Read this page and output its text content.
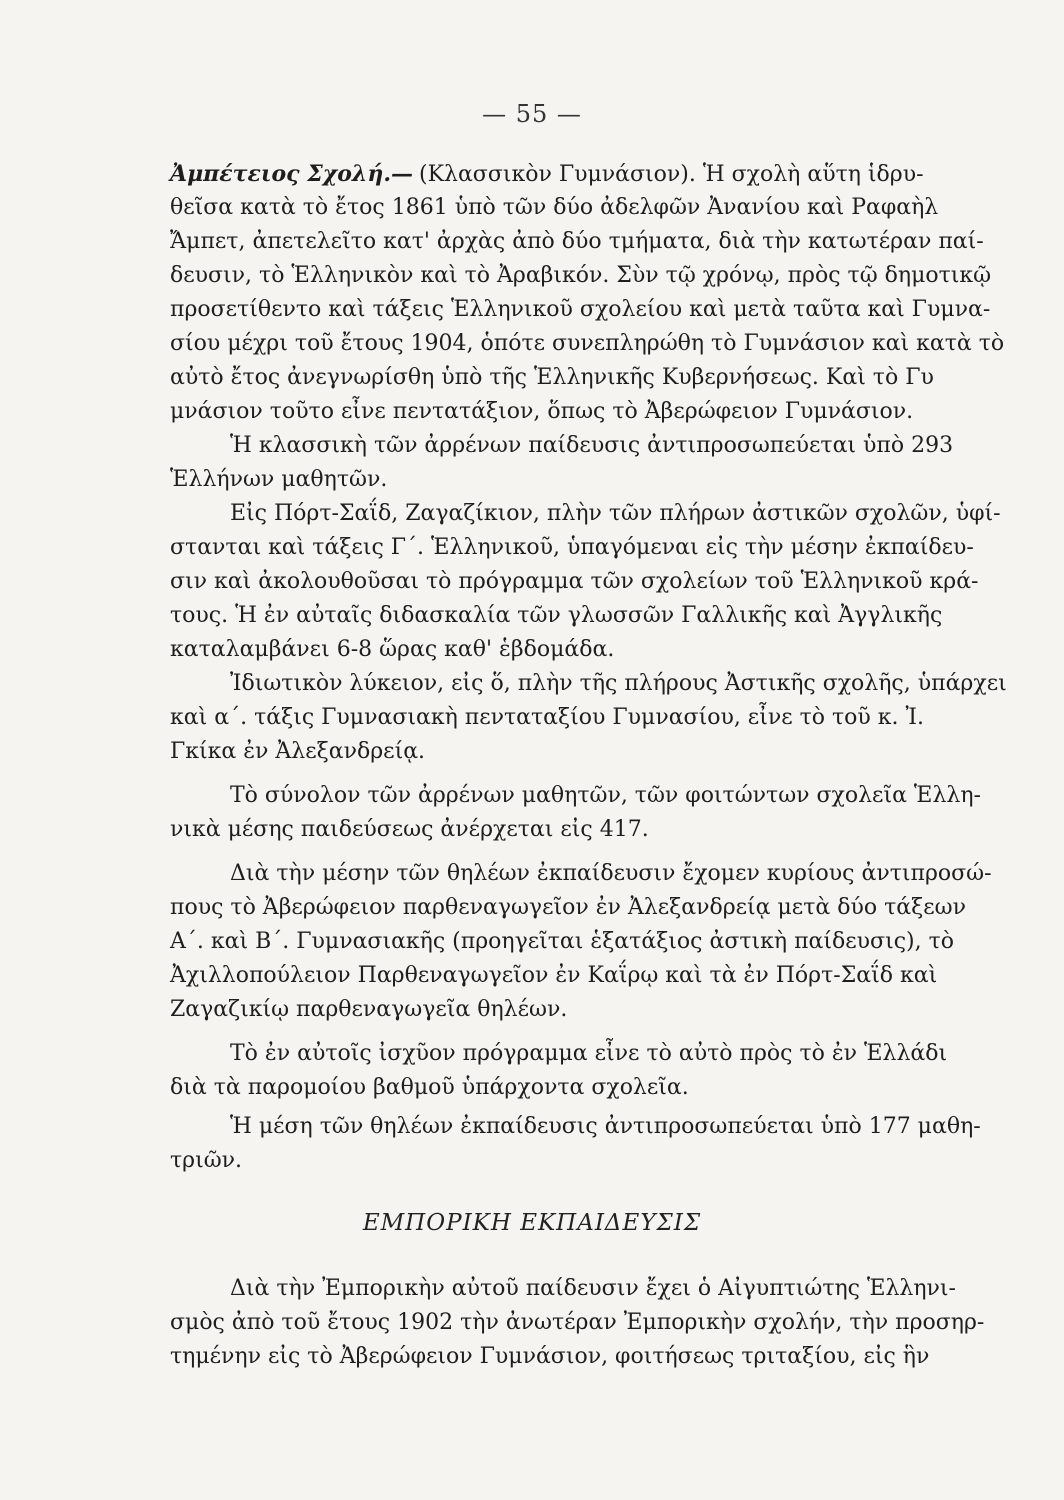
— 55 —
Ἀμπέτειος Σχολή.— (Κλασσικὸν Γυμνάσιον). Ἡ σχολὴ αὕτη ἱδρυ-
θεῖσα κατὰ τὸ ἔτος 1861 ὑπὸ τῶν δύο ἀδελφῶν Ἀνανίου καὶ Ραφαὴλ
Ἄμπετ, ἀπετελεῖτο κατ' ἀρχὰς ἀπὸ δύο τμήματα, διὰ τὴν κατωτέραν παί-
δευσιν, τὸ Ἑλληνικὸν καὶ τὸ Ἀραβικόν. Σὺν τῷ χρόνῳ, πρὸς τῷ δημοτικῷ
προσετίθεντο καὶ τάξεις Ἑλληνικοῦ σχολείου καὶ μετὰ ταῦτα καὶ Γυμνα-
σίου μέχρι τοῦ ἔτους 1904, ὁπότε συνεπληρώθη τὸ Γυμνάσιον καὶ κατὰ τὸ
αὐτὸ ἔτος ἀνεγνωρίσθη ὑπὸ τῆς Ἑλληνικῆς Κυβερνήσεως. Καὶ τὸ Γυ
μνάσιον τοῦτο εἶνε πεντατάξιον, ὅπως τὸ Ἀβερώφειον Γυμνάσιον.
Ἡ κλασσικὴ τῶν ἀρρένων παίδευσις ἀντιπροσωπεύεται ὑπὸ 293
Ἑλλήνων μαθητῶν.
Εἰς Πόρτ-Σαΐδ, Ζαγαζίκιον, πλὴν τῶν πλήρων ἀστικῶν σχολῶν, ὑφί-
στανται καὶ τάξεις Γ΄. Ἑλληνικοῦ, ὑπαγόμεναι εἰς τὴν μέσην ἐκπαίδευ-
σιν καὶ ἀκολουθοῦσαι τὸ πρόγραμμα τῶν σχολείων τοῦ Ἑλληνικοῦ κρά-
τους. Ἡ ἐν αὐταῖς διδασκαλία τῶν γλωσσῶν Γαλλικῆς καὶ Ἀγγλικῆς
καταλαμβάνει 6-8 ὥρας καθ' ἑβδομάδα.
Ἰδιωτικὸν λύκειον, εἰς ὅ, πλὴν τῆς πλήρους Ἀστικῆς σχολῆς, ὑπάρχει
καὶ α΄. τάξις Γυμνασιακὴ πενταταξίου Γυμνασίου, εἶνε τὸ τοῦ κ. Ἰ.
Γκίκα ἐν Ἀλεξανδρείᾳ.
Τὸ σύνολον τῶν ἀρρένων μαθητῶν, τῶν φοιτώντων σχολεῖα Ἑλλη-
νικὰ μέσης παιδεύσεως ἀνέρχεται εἰς 417.
Διὰ τὴν μέσην τῶν θηλέων ἐκπαίδευσιν ἔχομεν κυρίους ἀντιπροσώ-
πους τὸ Ἀβερώφειον παρθεναγωγεῖον ἐν Ἀλεξανδρείᾳ μετὰ δύο τάξεων
Α΄. καὶ Β΄. Γυμνασιακῆς (προηγεῖται ἑξατάξιος ἀστικὴ παίδευσις), τὸ
Ἀχιλλοπούλειον Παρθεναγωγεῖον ἐν Καΐρῳ καὶ τὰ ἐν Πόρτ-Σαΐδ καὶ
Ζαγαζικίῳ παρθεναγωγεῖα θηλέων.
Τὸ ἐν αὐτοῖς ἰσχῦον πρόγραμμα εἶνε τὸ αὐτὸ πρὸς τὸ ἐν Ἑλλάδι
διὰ τὰ παρομοίου βαθμοῦ ὑπάρχοντα σχολεῖα.
Ἡ μέση τῶν θηλέων ἐκπαίδευσις ἀντιπροσωπεύεται ὑπὸ 177 μαθη-
τριῶν.
ΕΜΠΟΡΙΚΗ ΕΚΠΑΙΔΕΥΣΙΣ
Διὰ τὴν Ἐμπορικὴν αὐτοῦ παίδευσιν ἔχει ὁ Αἰγυπτιώτης Ἑλληνι-
σμὸς ἀπὸ τοῦ ἔτους 1902 τὴν ἀνωτέραν Ἐμπορικὴν σχολήν, τὴν προσηρ-
τημένην εἰς τὸ Ἀβερώφειον Γυμνάσιον, φοιτήσεως τριταξίου, εἰς ἣν
